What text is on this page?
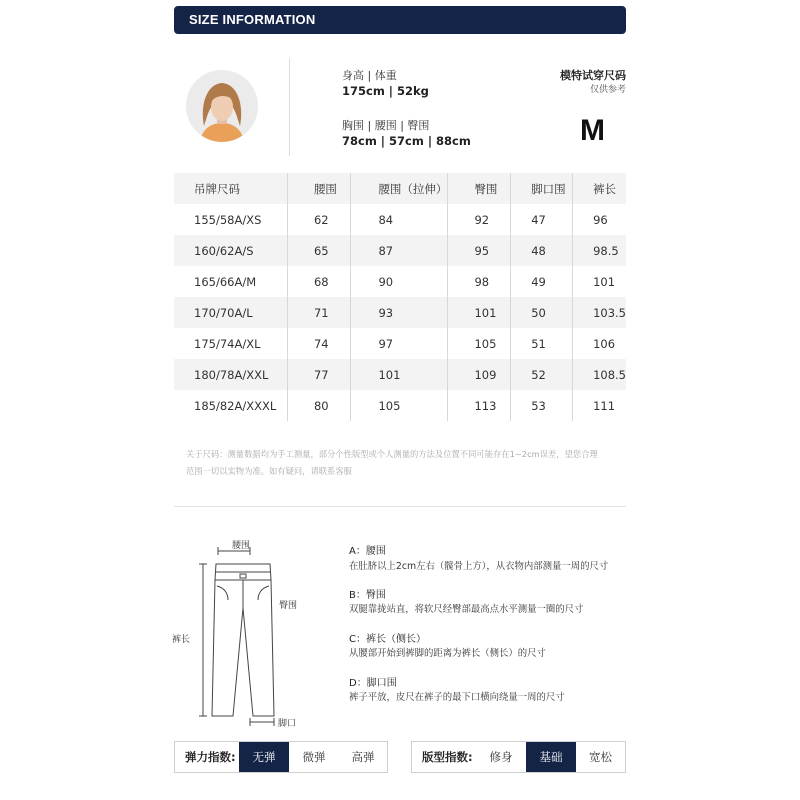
SIZE INFORMATION
身高 | 体重
175cm | 52kg
胸围 | 腰围 | 臀围
78cm | 57cm | 88cm
模特试穿尺码
仅供参考
M
吊牌尺码	腰围	腰围（拉伸）	臀围	脚口围	裤长
155/58A/XS	62	84	92	47	96
160/62A/S	65	87	95	48	98.5
165/66A/M	68	90	98	49	101
170/70A/L	71	93	101	50	103.5
175/74A/XL	74	97	105	51	106
180/78A/XXL	77	101	109	52	108.5
185/82A/XXXL	80	105	113	53	111
关于尺码：测量数据均为手工测量，部分个性版型或个人测量的方法及位置不同可能存在1~2cm误差，望您合理
范围一切以实物为准。如有疑问，请联系客服
腰围
臀围
裤长
脚口
A：腰围
在肚脐以上2cm左右（髋骨上方），从衣物内部测量一周的尺寸
B：臀围
双腿靠拢站直，将软尺经臀部最高点水平测量一圈的尺寸
C：裤长（侧长）
从腰部开始到裤脚的距离为裤长（侧长）的尺寸
D：脚口围
裤子平放，皮尺在裤子的最下口横向绕量一周的尺寸
弹力指数:	无弹	微弹	高弹	版型指数:	修身	基础	宽松
